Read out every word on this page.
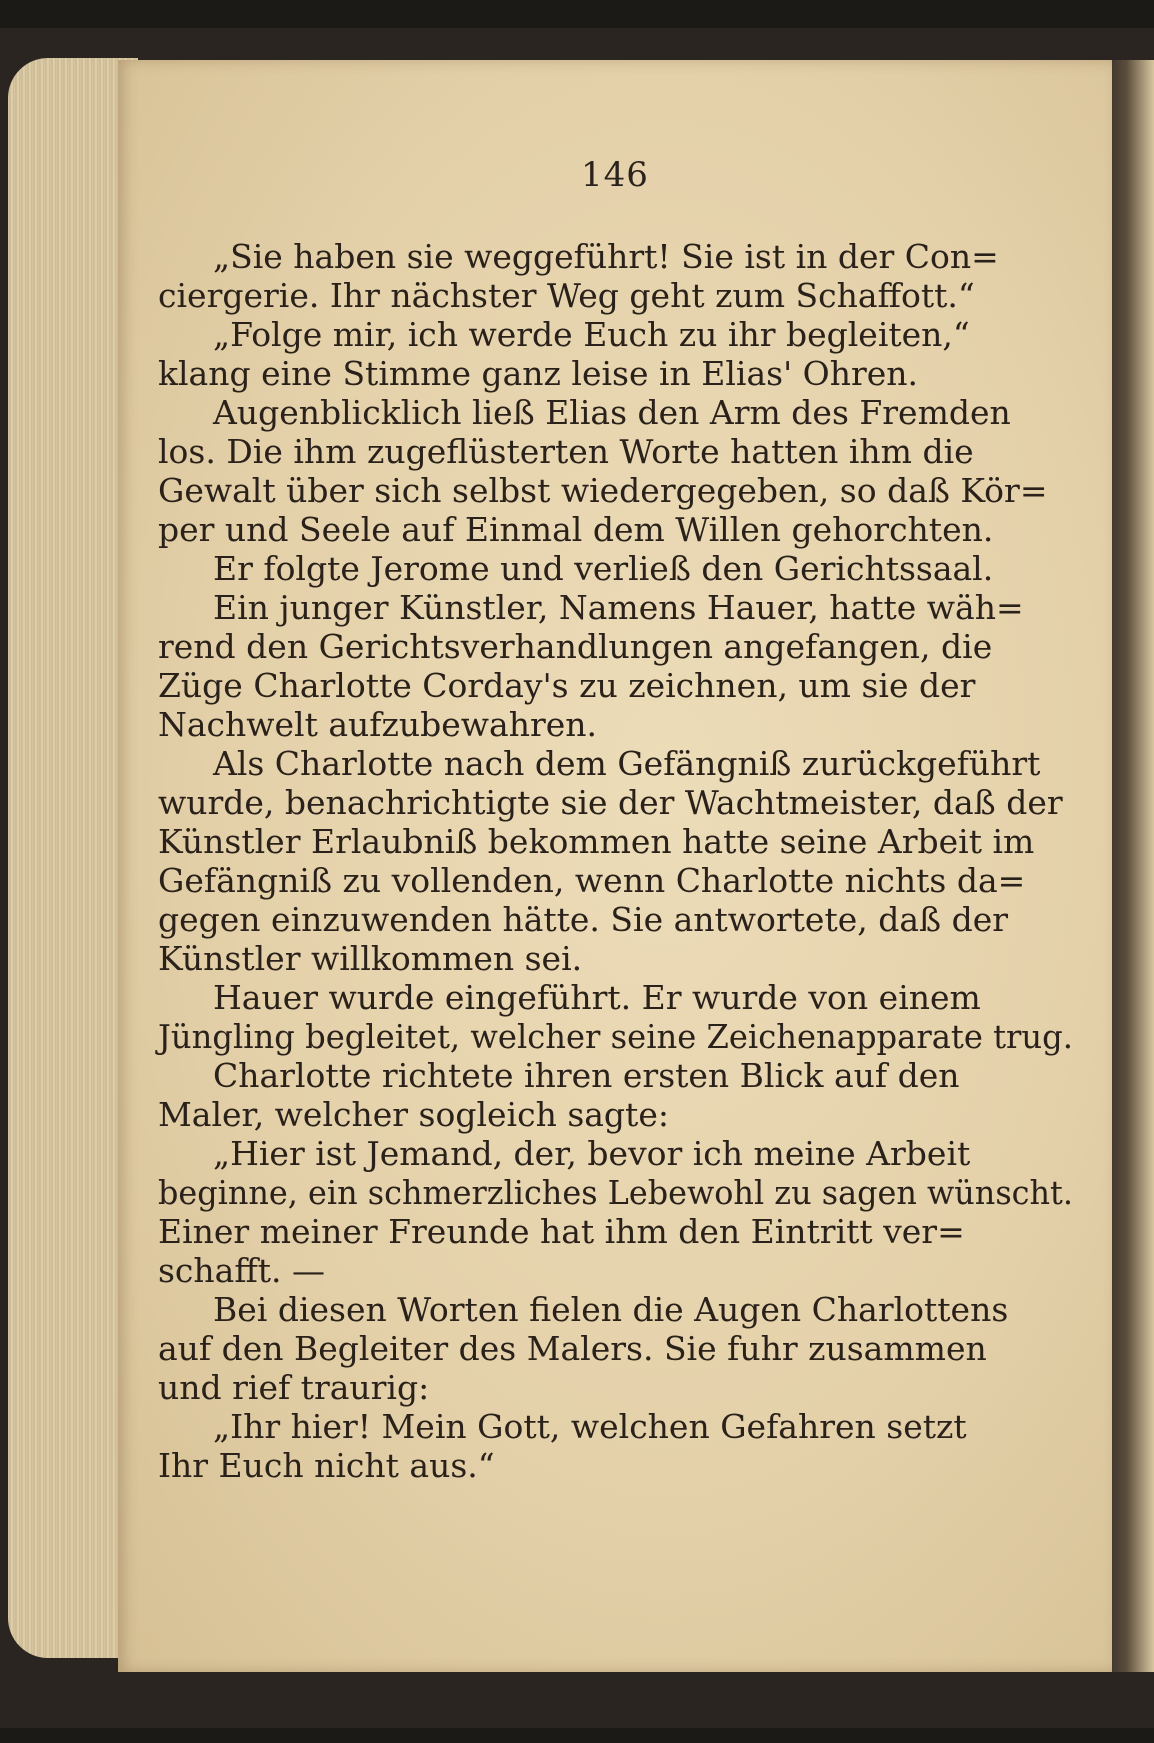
146
„Sie haben sie weggeführt! Sie ist in der Con=
ciergerie. Ihr nächster Weg geht zum Schaffott.“
„Folge mir, ich werde Euch zu ihr begleiten,“
klang eine Stimme ganz leise in Elias' Ohren.
Augenblicklich ließ Elias den Arm des Fremden
los. Die ihm zugeflüsterten Worte hatten ihm die
Gewalt über sich selbst wiedergegeben, so daß Kör=
per und Seele auf Einmal dem Willen gehorchten.
Er folgte Jerome und verließ den Gerichtssaal.
Ein junger Künstler, Namens Hauer, hatte wäh=
rend den Gerichtsverhandlungen angefangen, die
Züge Charlotte Corday's zu zeichnen, um sie der
Nachwelt aufzubewahren.
Als Charlotte nach dem Gefängniß zurückgeführt
wurde, benachrichtigte sie der Wachtmeister, daß der
Künstler Erlaubniß bekommen hatte seine Arbeit im
Gefängniß zu vollenden, wenn Charlotte nichts da=
gegen einzuwenden hätte. Sie antwortete, daß der
Künstler willkommen sei.
Hauer wurde eingeführt. Er wurde von einem
Jüngling begleitet, welcher seine Zeichenapparate trug.
Charlotte richtete ihren ersten Blick auf den
Maler, welcher sogleich sagte:
„Hier ist Jemand, der, bevor ich meine Arbeit
beginne, ein schmerzliches Lebewohl zu sagen wünscht.
Einer meiner Freunde hat ihm den Eintritt ver=
schafft. —
Bei diesen Worten fielen die Augen Charlottens
auf den Begleiter des Malers. Sie fuhr zusammen
und rief traurig:
„Ihr hier! Mein Gott, welchen Gefahren setzt
Ihr Euch nicht aus.“
